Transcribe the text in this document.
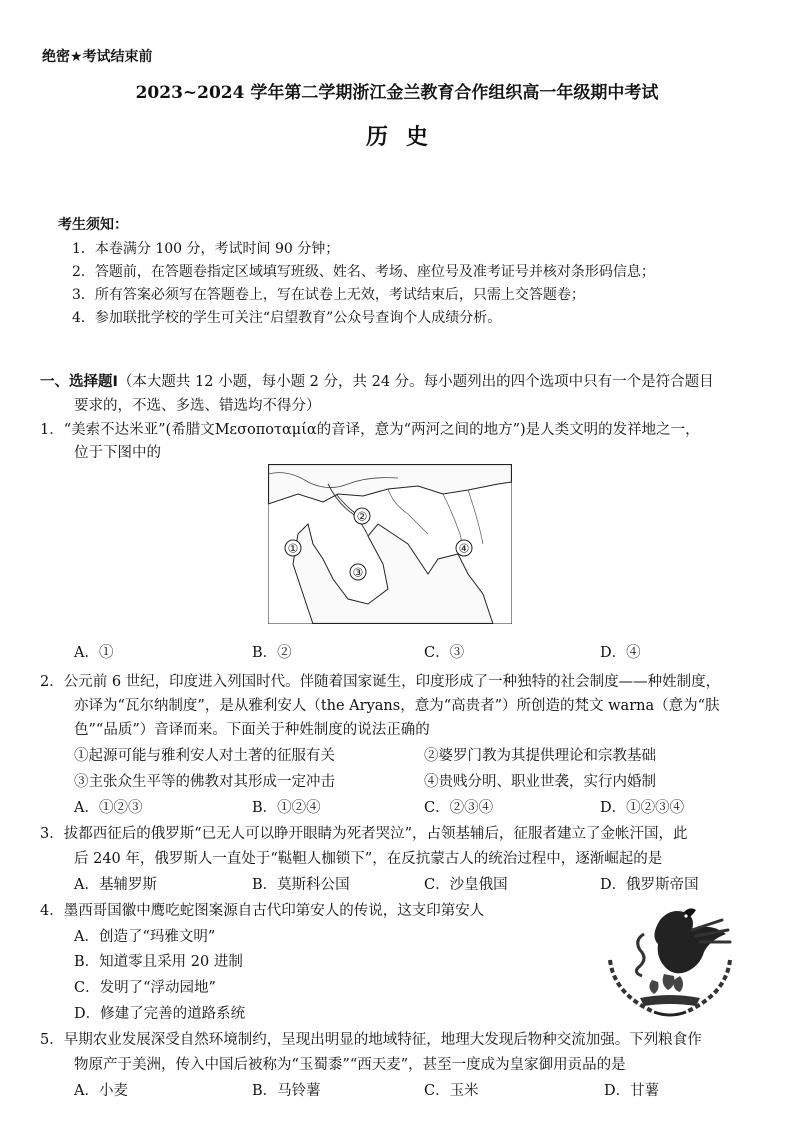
绝密★考试结束前
2023~2024 学年第二学期浙江金兰教育合作组织高一年级期中考试
历史
考生须知：
1．本卷满分 100 分，考试时间 90 分钟；
2．答题前，在答题卷指定区域填写班级、姓名、考场、座位号及准考证号并核对条形码信息；
3．所有答案必须写在答题卷上，写在试卷上无效，考试结束后，只需上交答题卷；
4．参加联批学校的学生可关注“启望教育”公众号查询个人成绩分析。
一、选择题Ⅰ（本大题共 12 小题，每小题 2 分，共 24 分。每小题列出的四个选项中只有一个是符合题目
要求的，不选、多选、错选均不得分）
1．“美索不达米亚”(希腊文Μεσοποταμία的音译，意为“两河之间的地方”)是人类文明的发祥地之一，
位于下图中的
①
②
③
④
A．①	B．②	C．③	D．④
2．公元前 6 世纪，印度进入列国时代。伴随着国家诞生，印度形成了一种独特的社会制度——种姓制度，
亦译为“瓦尔纳制度”，是从雅利安人（the Aryans，意为“高贵者”）所创造的梵文 warna（意为“肤
色”“品质”）音译而来。下面关于种姓制度的说法正确的
①起源可能与雅利安人对土著的征服有关	②婆罗门教为其提供理论和宗教基础
③主张众生平等的佛教对其形成一定冲击	④贵贱分明、职业世袭，实行内婚制
A．①②③	B．①②④	C．②③④	D．①②③④
3．拔都西征后的俄罗斯“已无人可以睁开眼睛为死者哭泣”，占领基辅后，征服者建立了金帐汗国，此
后 240 年，俄罗斯人一直处于“鞑靼人枷锁下”，在反抗蒙古人的统治过程中，逐渐崛起的是
A．基辅罗斯	B．莫斯科公国	C．沙皇俄国	D．俄罗斯帝国
4．墨西哥国徽中鹰吃蛇图案源自古代印第安人的传说，这支印第安人
A．创造了“玛雅文明”
B．知道零且采用 20 进制
C．发明了“浮动园地”
D．修建了完善的道路系统
5．早期农业发展深受自然环境制约，呈现出明显的地域特征，地理大发现后物种交流加强。下列粮食作
物原产于美洲，传入中国后被称为“玉蜀黍”“西天麦”，甚至一度成为皇家御用贡品的是
A．小麦	B．马铃薯	C．玉米	D．甘薯
